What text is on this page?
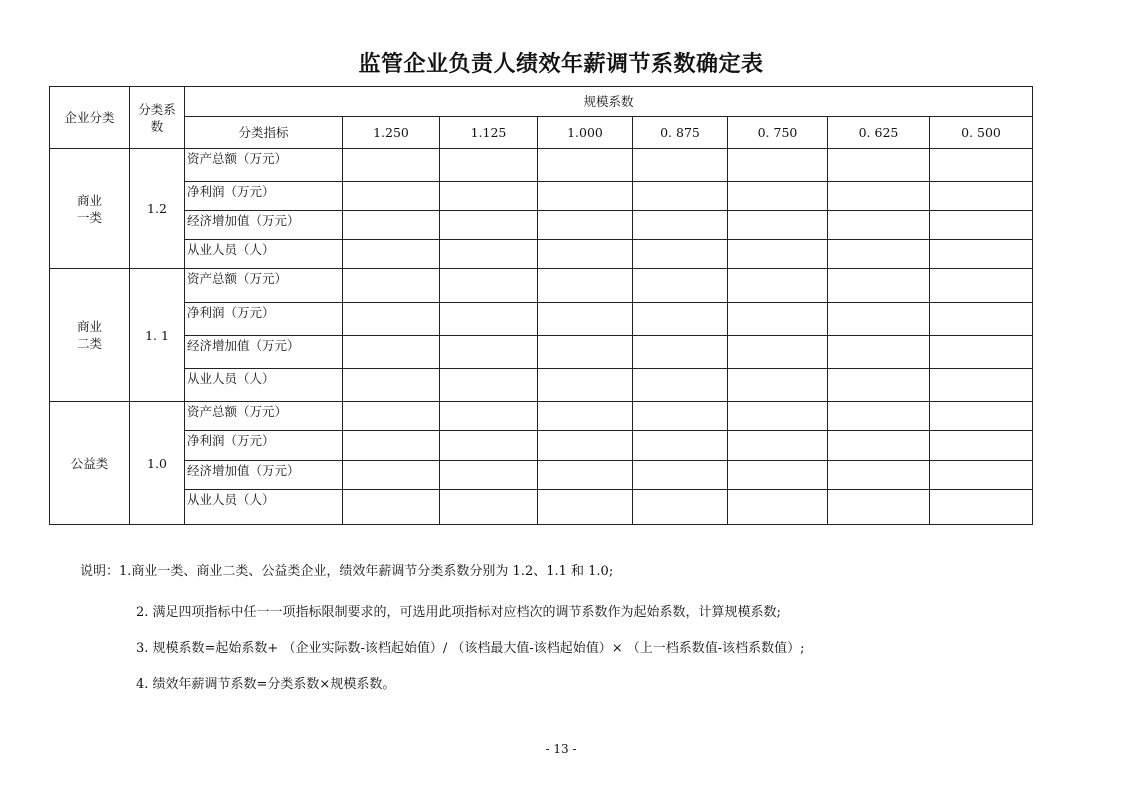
监管企业负责人绩效年薪调节系数确定表
企业分类	分类系数	规模系数							
		分类指标	1.250	1.125	1.000	0. 875	0. 750	0. 625	0. 500

商业
一类	1.2	资产总额（万元）							
		净利润（万元）							
		经济增加值（万元）							
		从业人员（人）							

商业
二类	1. 1	资产总额（万元）							
		净利润（万元）							
		经济增加值（万元）							
		从业人员（人）							

公益类	1.0	资产总额（万元）							
		净利润（万元）							
		经济增加值（万元）							
		从业人员（人）							
说明：1.商业一类、商业二类、公益类企业，绩效年薪调节分类系数分别为 1.2、1.1 和 1.0;
2. 满足四项指标中任一一项指标限制要求的，可选用此项指标对应档次的调节系数作为起始系数，计算规模系数;
3. 规模系数=起始系数+ （企业实际数-该档起始值）/ （该档最大值-该档起始值）× （上一档系数值-该档系数值）;
4. 绩效年薪调节系数=分类系数×规模系数。
- 13 -
